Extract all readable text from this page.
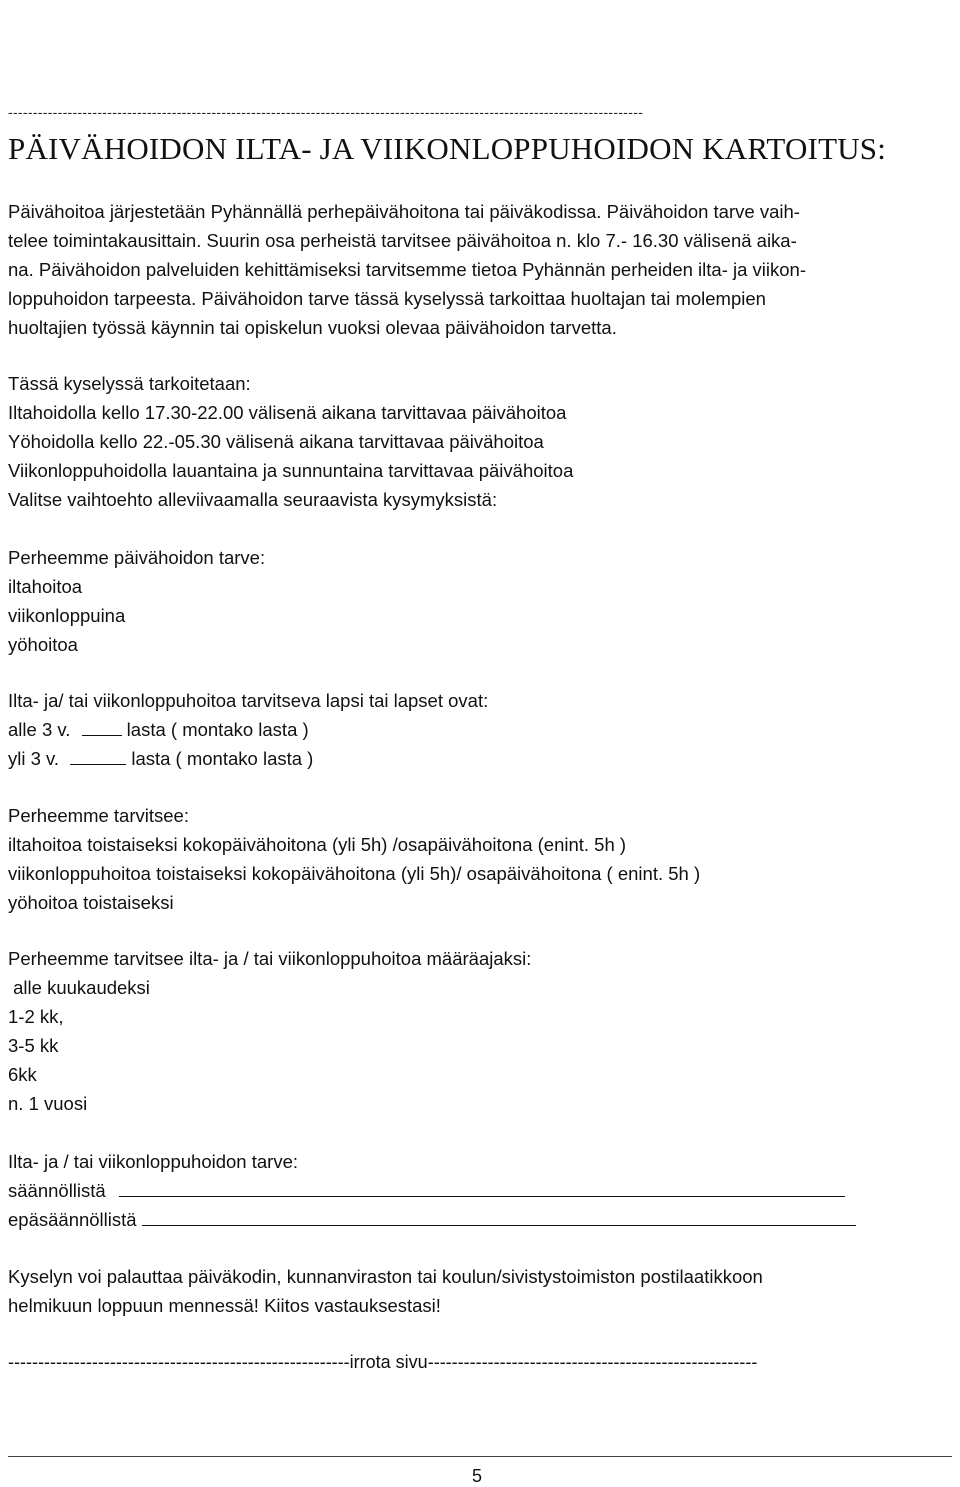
--------------------------------------------------------------------------------------------------------------------------------
PÄIVÄHOIDON ILTA- JA VIIKONLOPPUHOIDON KARTOITUS:
Päivähoitoa järjestetään Pyhännällä perhepäivähoitona tai päiväkodissa. Päivähoidon tarve vaih-
telee toimintakausittain. Suurin osa perheistä tarvitsee päivähoitoa n. klo 7.- 16.30 välisenä aika-
na. Päivähoidon palveluiden kehittämiseksi tarvitsemme tietoa Pyhännän perheiden ilta- ja viikon-
loppuhoidon tarpeesta. Päivähoidon tarve tässä kyselyssä tarkoittaa huoltajan tai molempien
huoltajien työssä käynnin tai opiskelun vuoksi olevaa päivähoidon tarvetta.
Tässä kyselyssä tarkoitetaan:
Iltahoidolla kello 17.30-22.00 välisenä aikana tarvittavaa päivähoitoa
Yöhoidolla kello 22.-05.30 välisenä aikana tarvittavaa päivähoitoa
Viikonloppuhoidolla lauantaina ja sunnuntaina tarvittavaa päivähoitoa
Valitse vaihtoehto alleviivaamalla seuraavista kysymyksistä:
Perheemme päivähoidon tarve:
iltahoitoa
viikonloppuina
yöhoitoa
Ilta- ja/ tai viikonloppuhoitoa tarvitseva lapsi tai lapset ovat:
alle 3 v.	lasta ( montako lasta )
yli 3 v.	lasta ( montako lasta )
Perheemme tarvitsee:
iltahoitoa toistaiseksi kokopäivähoitona (yli 5h) /osapäivähoitona (enint. 5h )
viikonloppuhoitoa toistaiseksi kokopäivähoitona (yli 5h)/ osapäivähoitona ( enint. 5h )
yöhoitoa toistaiseksi
Perheemme tarvitsee ilta- ja / tai viikonloppuhoitoa määräajaksi:
alle kuukaudeksi
1-2 kk,
3-5 kk
6kk
n. 1 vuosi
Ilta- ja / tai viikonloppuhoidon tarve:
säännöllistä
epäsäännöllistä
Kyselyn voi palauttaa päiväkodin, kunnanviraston tai koulun/sivistystoimiston postilaatikkoon
helmikuun loppuun mennessä! Kiitos vastauksestasi!
---------------------------------------------------------irrota sivu-------------------------------------------------------
5
